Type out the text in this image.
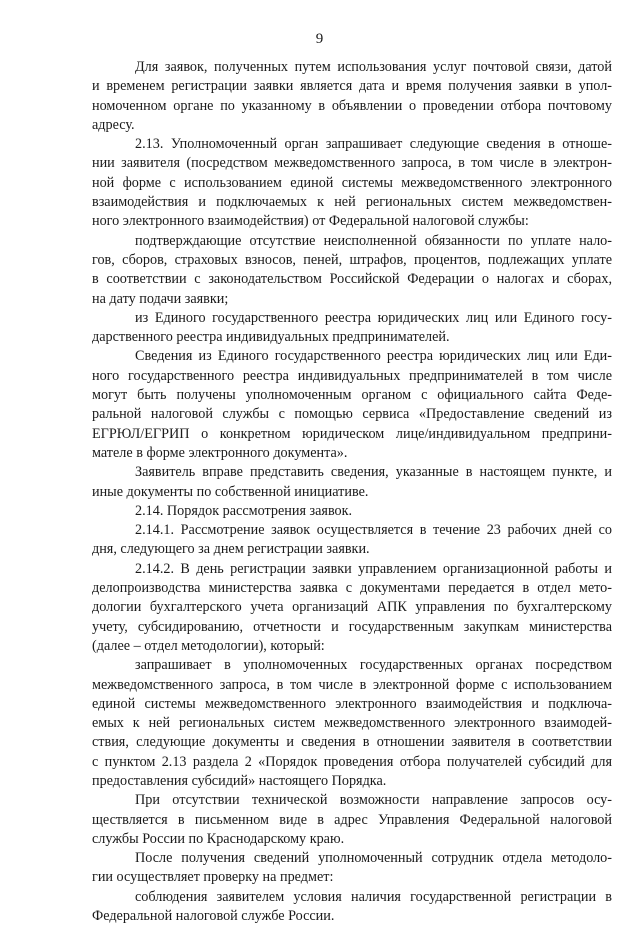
9
Для заявок, полученных путем использования услуг почтовой связи, датой
и временем регистрации заявки является дата и время получения заявки в упол-
номоченном органе по указанному в объявлении о проведении отбора почтовому
адресу.
2.13. Уполномоченный орган запрашивает следующие сведения в отноше-
нии заявителя (посредством межведомственного запроса, в том числе в электрон-
ной форме с использованием единой системы межведомственного электронного
взаимодействия и подключаемых к ней региональных систем межведомствен-
ного электронного взаимодействия) от Федеральной налоговой службы:
подтверждающие отсутствие неисполненной обязанности по уплате нало-
гов, сборов, страховых взносов, пеней, штрафов, процентов, подлежащих уплате
в соответствии с законодательством Российской Федерации о налогах и сборах,
на дату подачи заявки;
из Единого государственного реестра юридических лиц или Единого госу-
дарственного реестра индивидуальных предпринимателей.
Сведения из Единого государственного реестра юридических лиц или Еди-
ного государственного реестра индивидуальных предпринимателей в том числе
могут быть получены уполномоченным органом с официального сайта Феде-
ральной налоговой службы с помощью сервиса «Предоставление сведений из
ЕГРЮЛ/ЕГРИП о конкретном юридическом лице/индивидуальном предприни-
мателе в форме электронного документа».
Заявитель вправе представить сведения, указанные в настоящем пункте, и
иные документы по собственной инициативе.
2.14. Порядок рассмотрения заявок.
2.14.1. Рассмотрение заявок осуществляется в течение 23 рабочих дней со
дня, следующего за днем регистрации заявки.
2.14.2. В день регистрации заявки управлением организационной работы и
делопроизводства министерства заявка с документами передается в отдел мето-
дологии бухгалтерского учета организаций АПК управления по бухгалтерскому
учету, субсидированию, отчетности и государственным закупкам министерства
(далее – отдел методологии), который:
запрашивает в уполномоченных государственных органах посредством
межведомственного запроса, в том числе в электронной форме с использованием
единой системы межведомственного электронного взаимодействия и подключа-
емых к ней региональных систем межведомственного электронного взаимодей-
ствия, следующие документы и сведения в отношении заявителя в соответствии
с пунктом 2.13 раздела 2 «Порядок проведения отбора получателей субсидий для
предоставления субсидий» настоящего Порядка.
При отсутствии технической возможности направление запросов осу-
ществляется в письменном виде в адрес Управления Федеральной налоговой
службы России по Краснодарскому краю.
После получения сведений уполномоченный сотрудник отдела методоло-
гии осуществляет проверку на предмет:
соблюдения заявителем условия наличия государственной регистрации в
Федеральной налоговой службе России.
